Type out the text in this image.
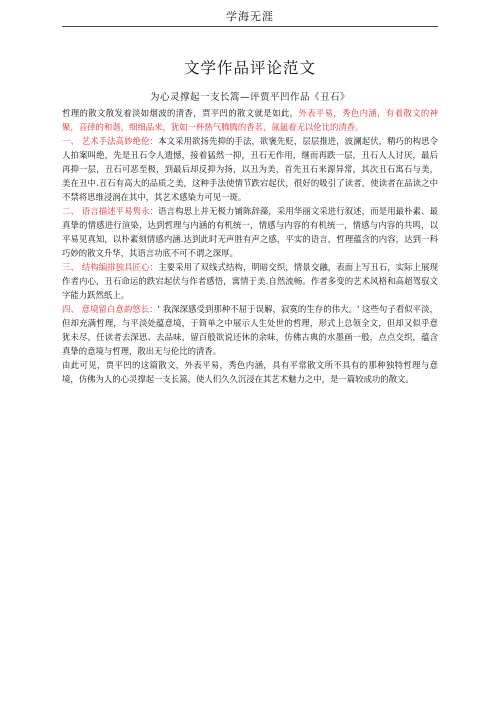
学海无涯
文学作品评论范文
为心灵撑起一支长篙—评贾平凹作品《丑石》

哲理的散文散发着淡如烟波的清香，贾平凹的散文就是如此，外表平易，秀色内涵，有着散文的神聚，音律的和谐，细细品来，犹如一杯热气腾腾的香茗，氤氲着无以伦比的清香。

一、 艺术手法高妙绝伦：本文采用欲扬先抑的手法，欲褒先贬，层层推进，波澜起伏，精巧的构思令人拍案叫绝，先是丑石令人遗憾，接着猛然一抑，丑石无作用，继而再跌一层，丑石人人讨厌，最后再抑一层，丑石可恶至极，到最后却反抑为扬，以丑为美，首先丑石来源异常，其次丑石寓石与美，美在丑中.丑石有高大的品质之美，这种手法使情节跌宕起伏，很好的吸引了读者，使读者在品读之中不禁将思维浸润在其中，其艺术感染力可见一斑。

二、 语言描述平易隽永：语言构思上并无极力铺陈辞藻，采用华丽文采进行叙述，而是用最朴素、最真挚的情感进行渲染，达到哲理与内涵的有机统一，情感与内容的有机统一，情感与内容的共鸣，以平易见真知，以朴素刻情感内涵.达到此时无声胜有声之感，平实的语言，哲理蕴含的内容，达到一科巧妙的散文升华，其语言功底不可不谓之深厚。

三、 结构编排独具匠心：主要采用了双线式结构，明暗交织，情景交融，表面上写丑石，实际上展现作者内心，丑石命运的跌宕起伏与作者感悟，寓情于美.自然流畅。作者多变的艺术风格和高超驾驭文字能力跃然纸上。

四、 意境留白意韵悠长：' 我深深感受到那种不屈于误解，寂寞的生存的伟大。' 这些句子看似平淡，但却充满哲理，与平淡处蕴意境，于简单之中展示人生处世的哲理，形式上总领全文，但却又似乎意犹未尽，任读者去深思、去品味，留百般欲说还休的余味，仿佛古典的水墨画一般，点点交织，蕴含真挚的意境与哲理，散出无与伦比的清香。

由此可见，贾平凹的这篇散文，外表平易，秀色内涵，具有平常散文所不具有的那种独特哲理与意境，仿佛为人的心灵撑起一支长篙，使人们久久沉浸在其艺术魅力之中，是一篇较成功的散文。
